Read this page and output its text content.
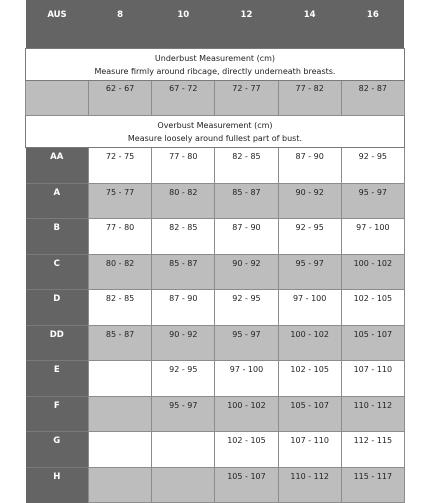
AUS	8	10	12	14	16

Underbust Measurement (cm)
Measure firmly around ribcage, directly underneath breasts.					

	62 - 67	67 - 72	72 - 77	77 - 82	82 - 87

Overbust Measurement (cm)
Measure loosely around fullest part of bust.					

AA	72 - 75	77 - 80	82 - 85	87 - 90	92 - 95
A	75 - 77	80 - 82	85 - 87	90 - 92	95 - 97
B	77 - 80	82 - 85	87 - 90	92 - 95	97 - 100
C	80 - 82	85 - 87	90 - 92	95 - 97	100 - 102
D	82 - 85	87 - 90	92 - 95	97 - 100	102 - 105
DD	85 - 87	90 - 92	95 - 97	100 - 102	105 - 107
E		92 - 95	97 - 100	102 - 105	107 - 110
F		95 - 97	100 - 102	105 - 107	110 - 112
G			102 - 105	107 - 110	112 - 115
H			105 - 107	110 - 112	115 - 117
